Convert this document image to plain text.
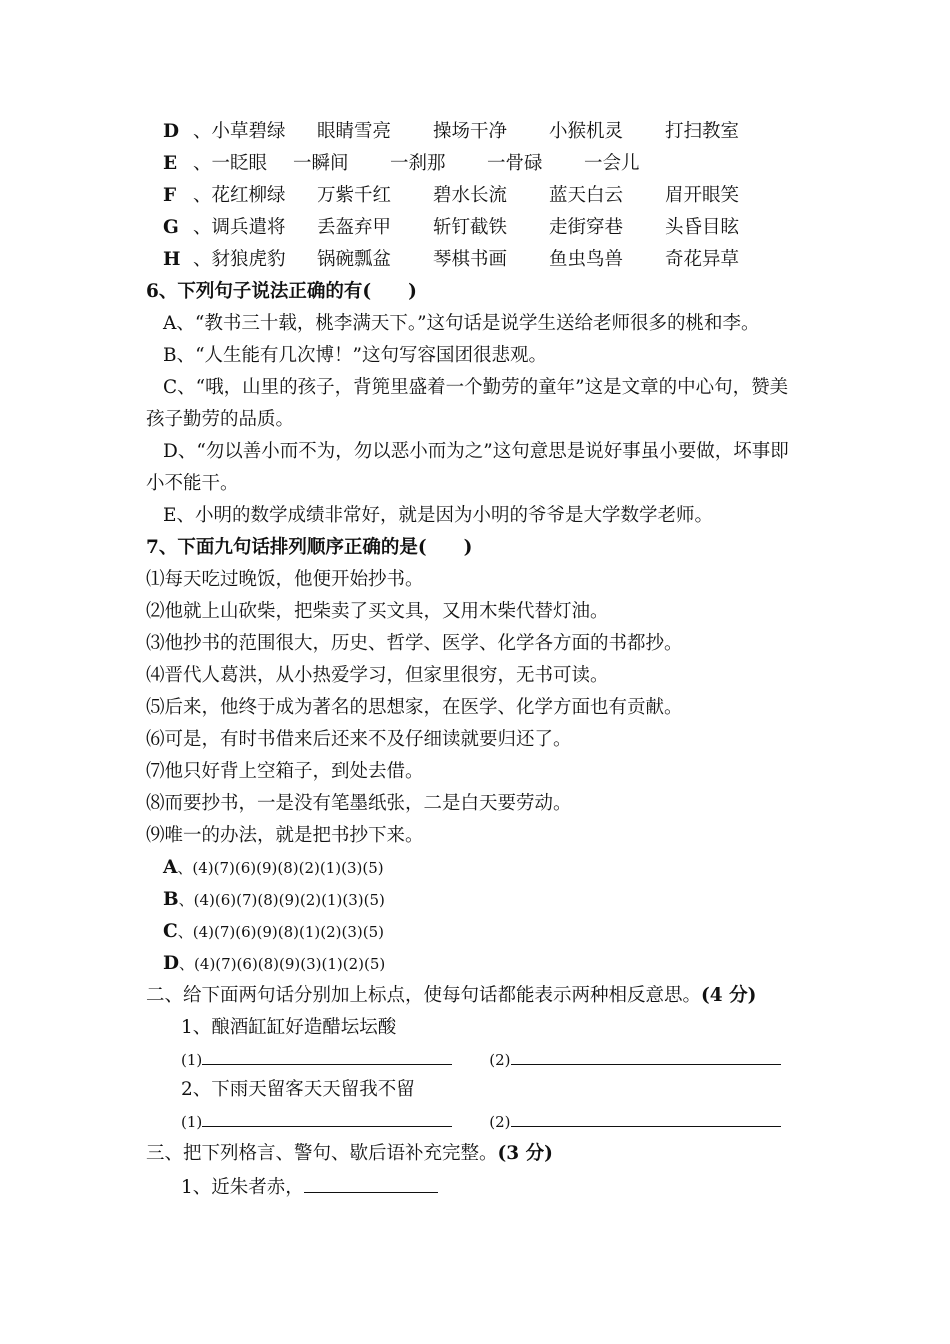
D 、小草碧绿	眼睛雪亮	操场干净	小猴机灵	打扫教室
E 、一眨眼	一瞬间	一刹那	一骨碌	一会儿
F 、花红柳绿	万紫千红	碧水长流	蓝天白云	眉开眼笑
G 、调兵遣将	丢盔弃甲	斩钉截铁	走街穿巷	头昏目眩
H 、豺狼虎豹	锅碗瓢盆	琴棋书画	鱼虫鸟兽	奇花异草
6、下列句子说法正确的有(　　)
A、“教书三十载，桃李满天下。”这句话是说学生送给老师很多的桃和李。
B、“人生能有几次博！”这句写容国团很悲观。
C、“哦，山里的孩子，背篼里盛着一个勤劳的童年”这是文章的中心句，赞美
孩子勤劳的品质。
D、“勿以善小而不为，勿以恶小而为之”这句意思是说好事虽小要做，坏事即
小不能干。
E、小明的数学成绩非常好，就是因为小明的爷爷是大学数学老师。
7、下面九句话排列顺序正确的是(　　)
⑴每天吃过晚饭，他便开始抄书。
⑵他就上山砍柴，把柴卖了买文具，又用木柴代替灯油。
⑶他抄书的范围很大，历史、哲学、医学、化学各方面的书都抄。
⑷晋代人葛洪，从小热爱学习，但家里很穷，无书可读。
⑸后来，他终于成为著名的思想家，在医学、化学方面也有贡献。
⑹可是，有时书借来后还来不及仔细读就要归还了。
⑺他只好背上空箱子，到处去借。
⑻而要抄书，一是没有笔墨纸张，二是白天要劳动。
⑼唯一的办法，就是把书抄下来。
A、(4)(7)(6)(9)(8)(2)(1)(3)(5)
B、(4)(6)(7)(8)(9)(2)(1)(3)(5)
C、(4)(7)(6)(9)(8)(1)(2)(3)(5)
D、(4)(7)(6)(8)(9)(3)(1)(2)(5)
二、给下面两句话分别加上标点，使每句话都能表示两种相反意思。(4 分)
1、酿酒缸缸好造醋坛坛酸
(1)	(2)
2、下雨天留客天天留我不留
(1)	(2)
三、把下列格言、警句、歇后语补充完整。(3 分)
1、近朱者赤，
